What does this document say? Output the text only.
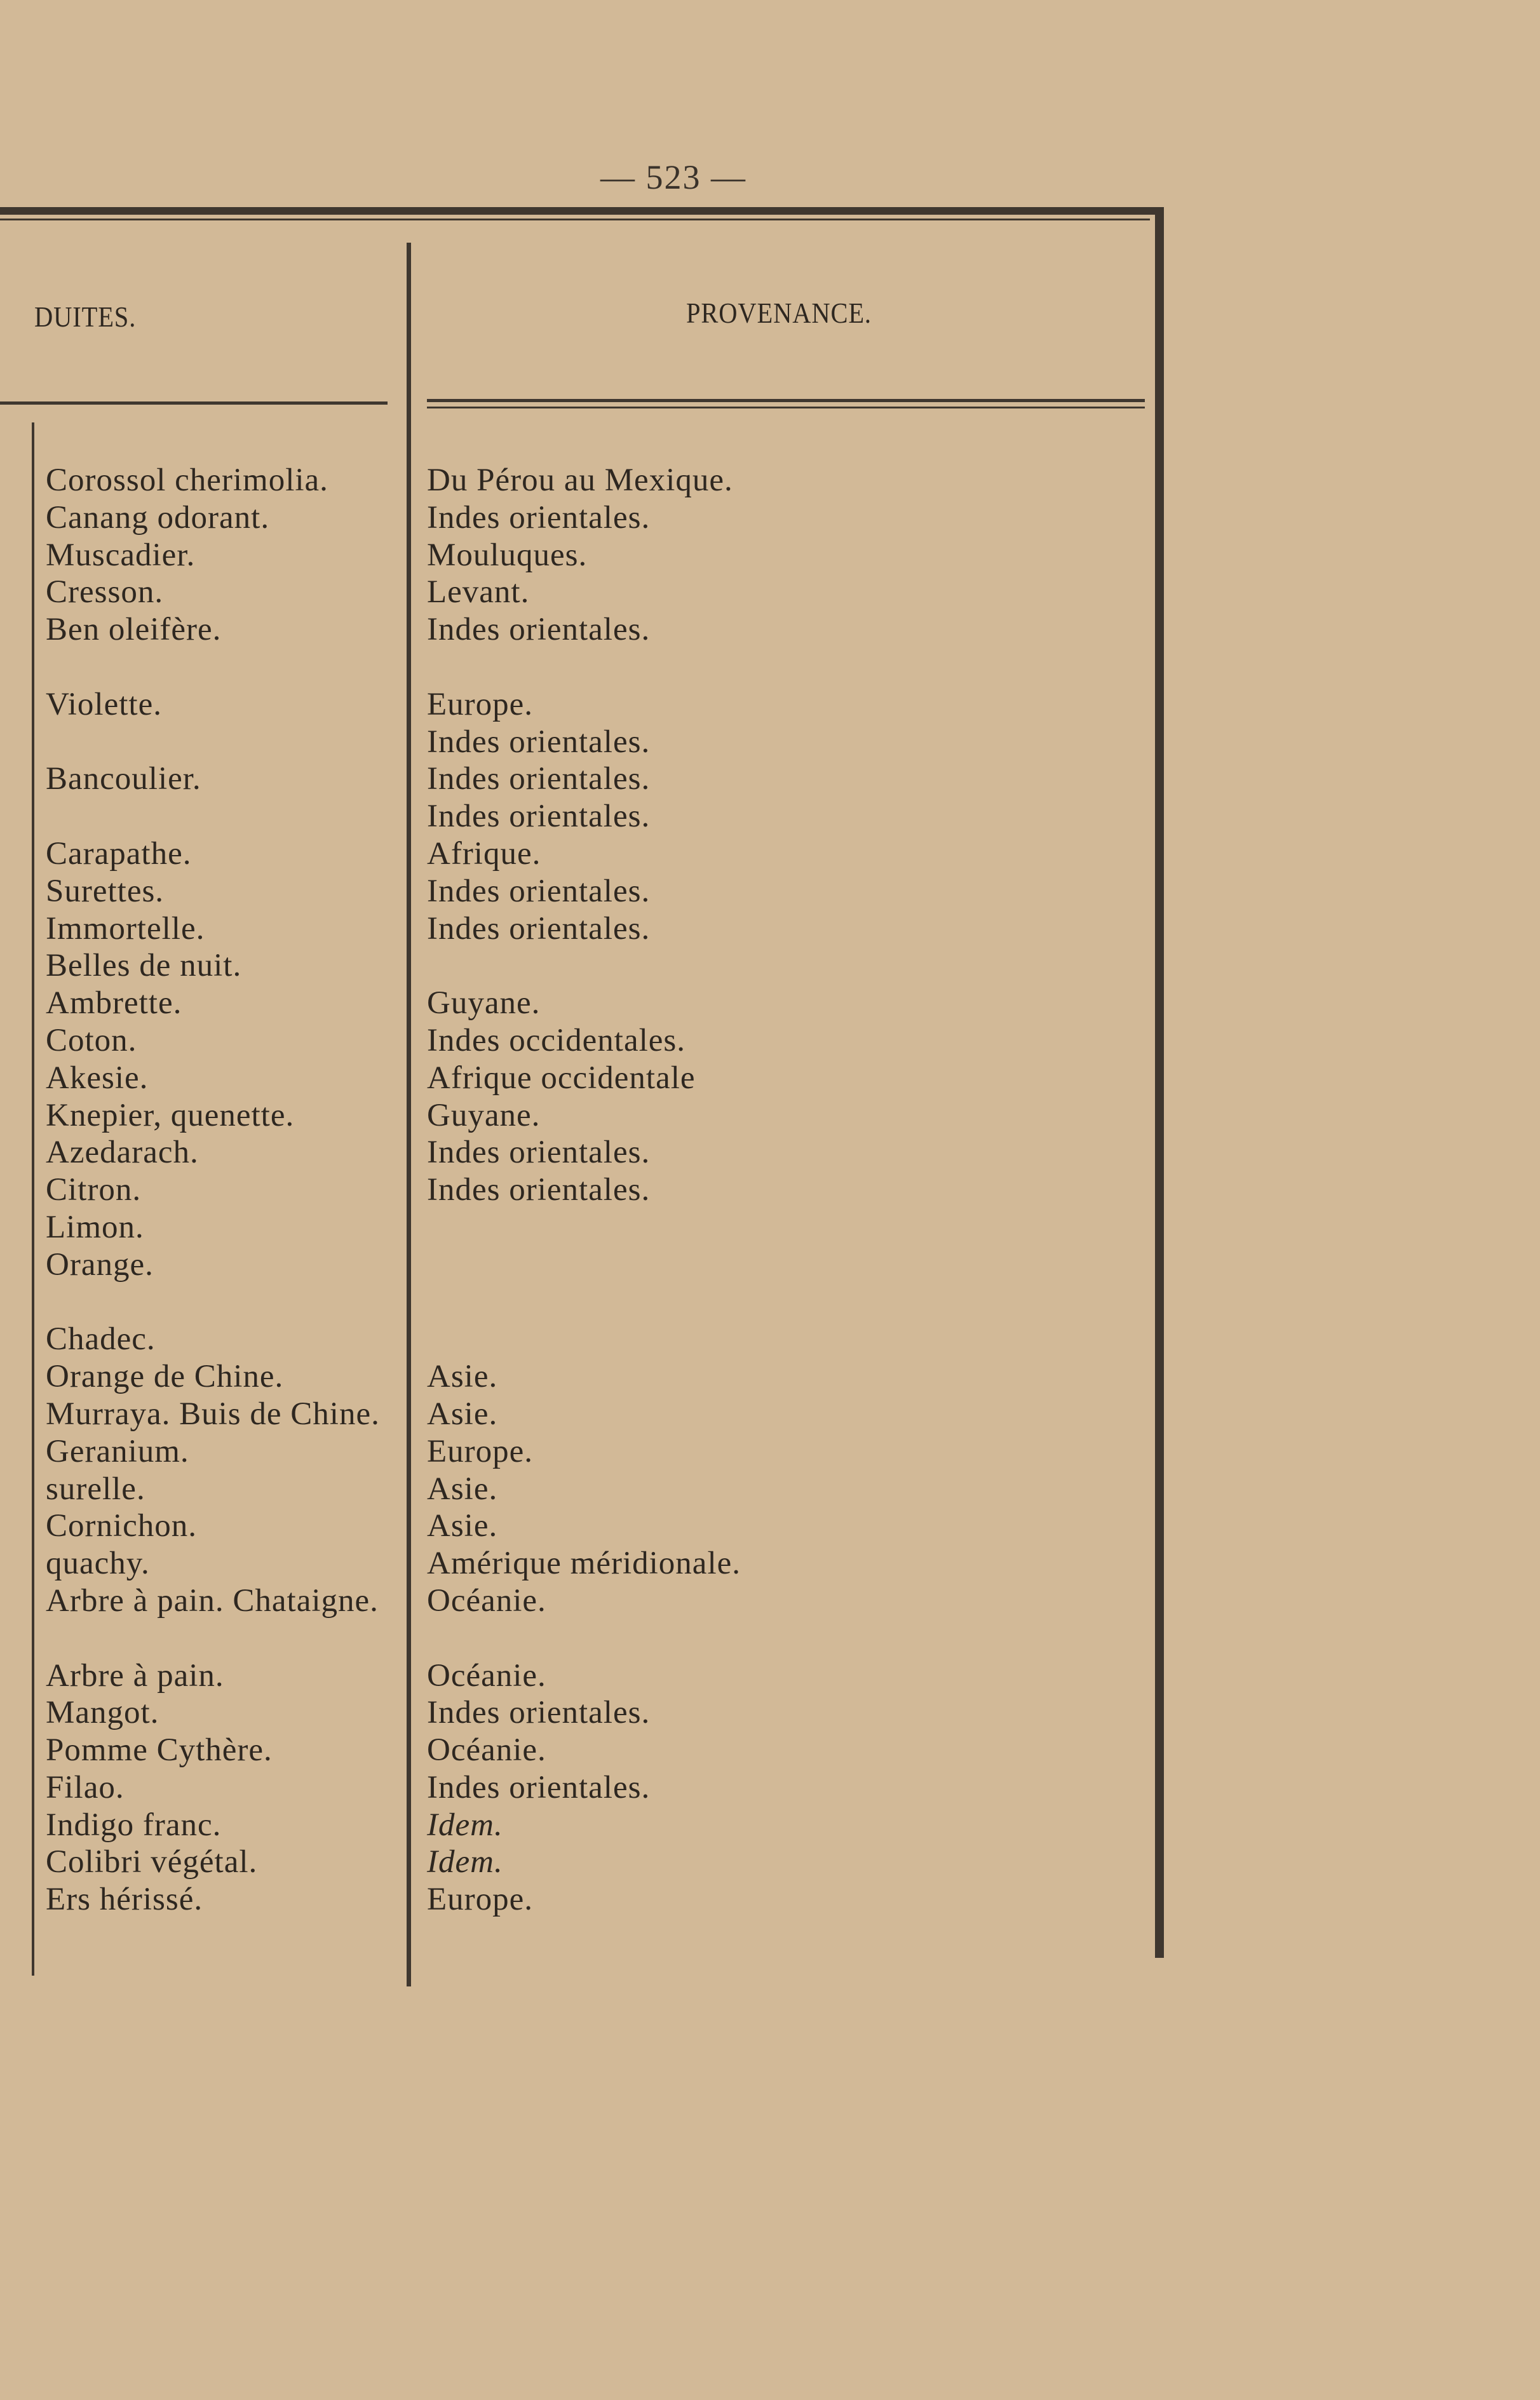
— 523 —
DUITES.	PROVENANCE.
Corossol cherimolia.
Canang odorant.
Muscadier.
Cresson.
Ben oleifère.
Violette.
Bancoulier.
Carapathe.
Surettes.
Immortelle.
Belles de nuit.
Ambrette.
Coton.
Akesie.
Knepier, quenette.
Azedarach.
Citron.
Limon.
Orange.
Chadec.
Orange de Chine.
Murraya. Buis de Chine.
Geranium.
surelle.
Cornichon.
quachy.
Arbre à pain. Chataigne.
Arbre à pain.
Mangot.
Pomme Cythère.
Filao.
Indigo franc.
Colibri végétal.
Ers hérissé.
Du Pérou au Mexique.
Indes orientales.
Mouluques.
Levant.
Indes orientales.
Europe.
Indes orientales.
Indes orientales.
Indes orientales.
Afrique.
Indes orientales.
Indes orientales.
Guyane.
Indes occidentales.
Afrique occidentale
Guyane.
Indes orientales.
Indes orientales.
Asie.
Asie.
Europe.
Asie.
Asie.
Amérique méridionale.
Océanie.
Océanie.
Indes orientales.
Océanie.
Indes orientales.
Idem.
Idem.
Europe.
